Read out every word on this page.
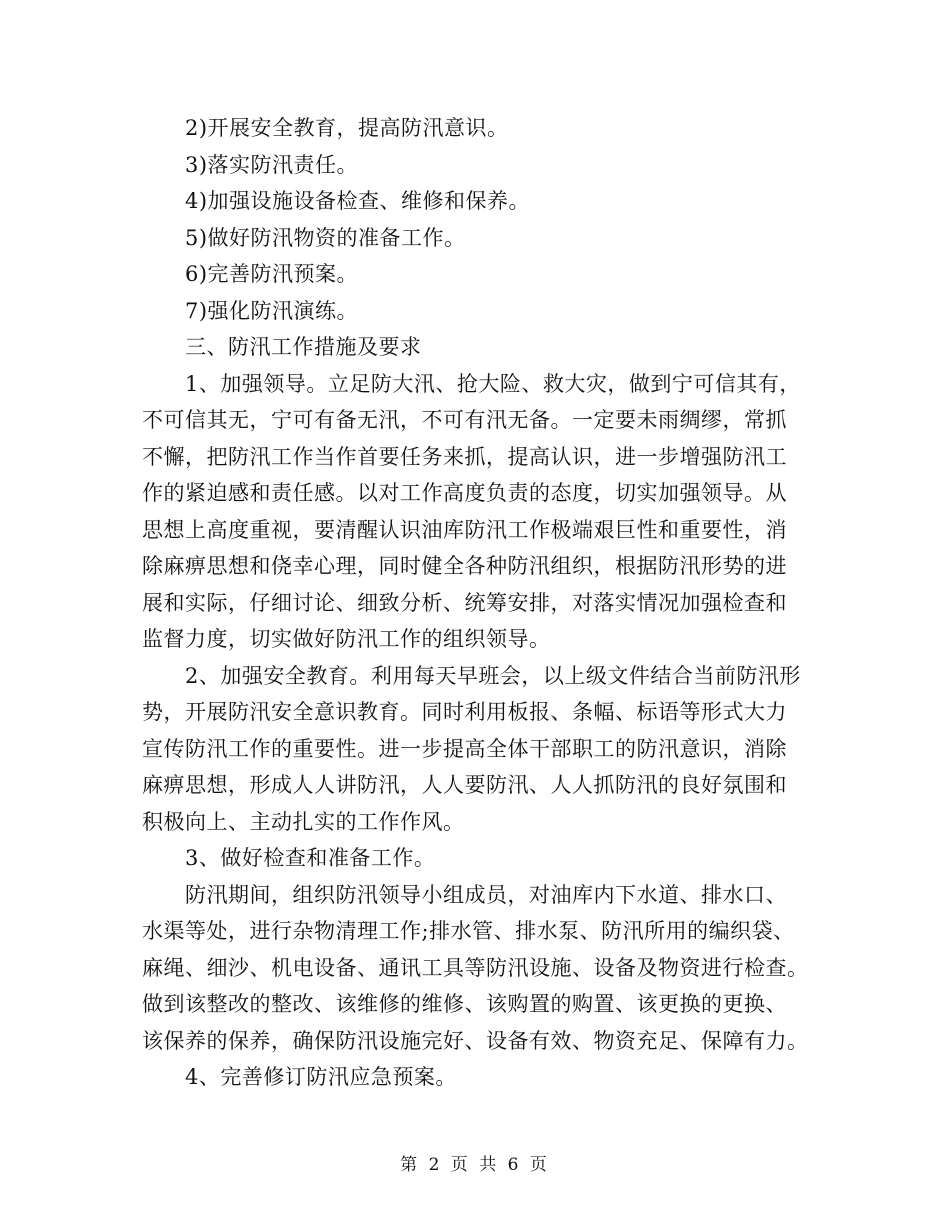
2)开展安全教育，提高防汛意识。
3)落实防汛责任。
4)加强设施设备检查、维修和保养。
5)做好防汛物资的准备工作。
6)完善防汛预案。
7)强化防汛演练。
三、防汛工作措施及要求
1、加强领导。立足防大汛、抢大险、救大灾，做到宁可信其有，
不可信其无，宁可有备无汛，不可有汛无备。一定要未雨绸缪，常抓
不懈，把防汛工作当作首要任务来抓，提高认识，进一步增强防汛工
作的紧迫感和责任感。以对工作高度负责的态度，切实加强领导。从
思想上高度重视，要清醒认识油库防汛工作极端艰巨性和重要性，消
除麻痹思想和侥幸心理，同时健全各种防汛组织，根据防汛形势的进
展和实际，仔细讨论、细致分析、统筹安排，对落实情况加强检查和
监督力度，切实做好防汛工作的组织领导。
2、加强安全教育。利用每天早班会，以上级文件结合当前防汛形
势，开展防汛安全意识教育。同时利用板报、条幅、标语等形式大力
宣传防汛工作的重要性。进一步提高全体干部职工的防汛意识，消除
麻痹思想，形成人人讲防汛，人人要防汛、人人抓防汛的良好氛围和
积极向上、主动扎实的工作作风。
3、做好检查和准备工作。
防汛期间，组织防汛领导小组成员，对油库内下水道、排水口、
水渠等处，进行杂物清理工作;排水管、排水泵、防汛所用的编织袋、
麻绳、细沙、机电设备、通讯工具等防汛设施、设备及物资进行检查。
做到该整改的整改、该维修的维修、该购置的购置、该更换的更换、
该保养的保养，确保防汛设施完好、设备有效、物资充足、保障有力。
4、完善修订防汛应急预案。
第 2 页 共 6 页
